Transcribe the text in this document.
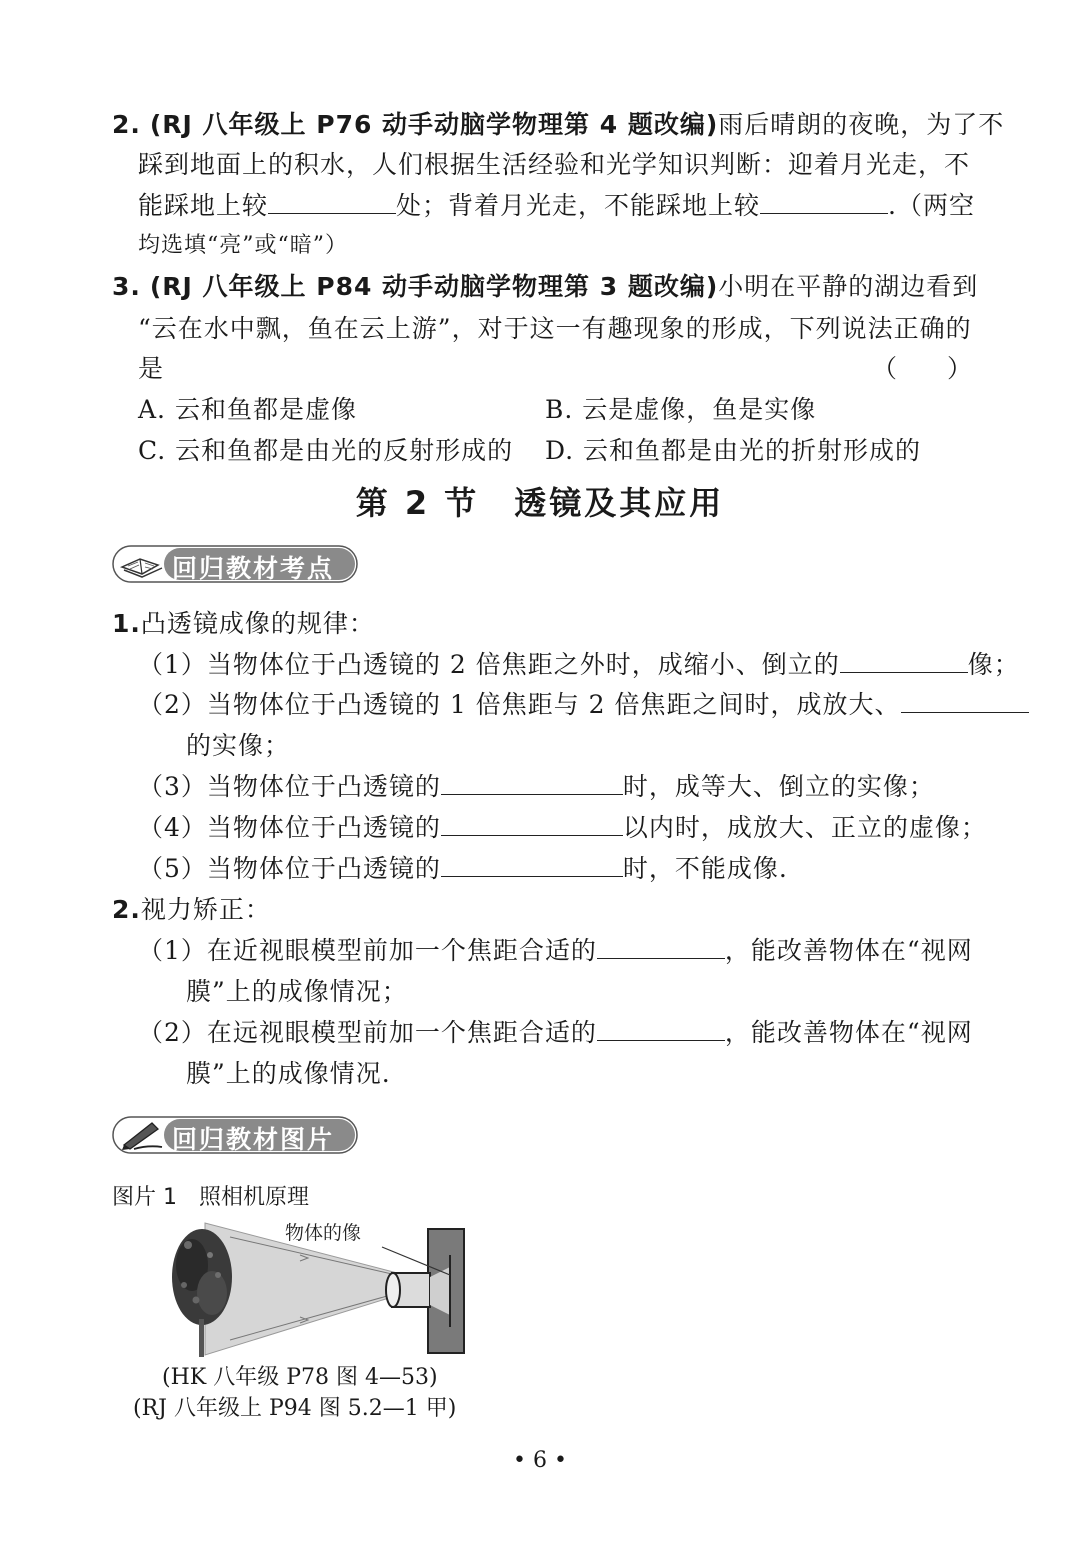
2. (RJ 八年级上 P76 动手动脑学物理第 4 题改编)雨后晴朗的夜晚，为了不
踩到地面上的积水，人们根据生活经验和光学知识判断：迎着月光走，不
能踩地上较	处；背着月光走，不能踩地上较	.（两空
均选填“亮”或“暗”）
3. (RJ 八年级上 P84 动手动脑学物理第 3 题改编)小明在平静的湖边看到
“云在水中飘，鱼在云上游”，对于这一有趣现象的形成，下列说法正确的
是	（　　）
A. 云和鱼都是虚像	B. 云是虚像，鱼是实像
C. 云和鱼都是由光的反射形成的 D. 云和鱼都是由光的折射形成的
第 2 节　透镜及其应用
回归教材考点
1.凸透镜成像的规律：
（1）当物体位于凸透镜的 2 倍焦距之外时，成缩小、倒立的	像；
（2）当物体位于凸透镜的 1 倍焦距与 2 倍焦距之间时，成放大、
的实像；
（3）当物体位于凸透镜的	时，成等大、倒立的实像；
（4）当物体位于凸透镜的	以内时，成放大、正立的虚像；
（5）当物体位于凸透镜的	时，不能成像.
2.视力矫正：
（1）在近视眼模型前加一个焦距合适的	，能改善物体在“视网
膜”上的成像情况；
（2）在远视眼模型前加一个焦距合适的	，能改善物体在“视网
膜”上的成像情况.
回归教材图片
图片 1　照相机原理
物体的像
(HK 八年级 P78 图 4—53)
(RJ 八年级上 P94 图 5.2—1 甲)
• 6 •
